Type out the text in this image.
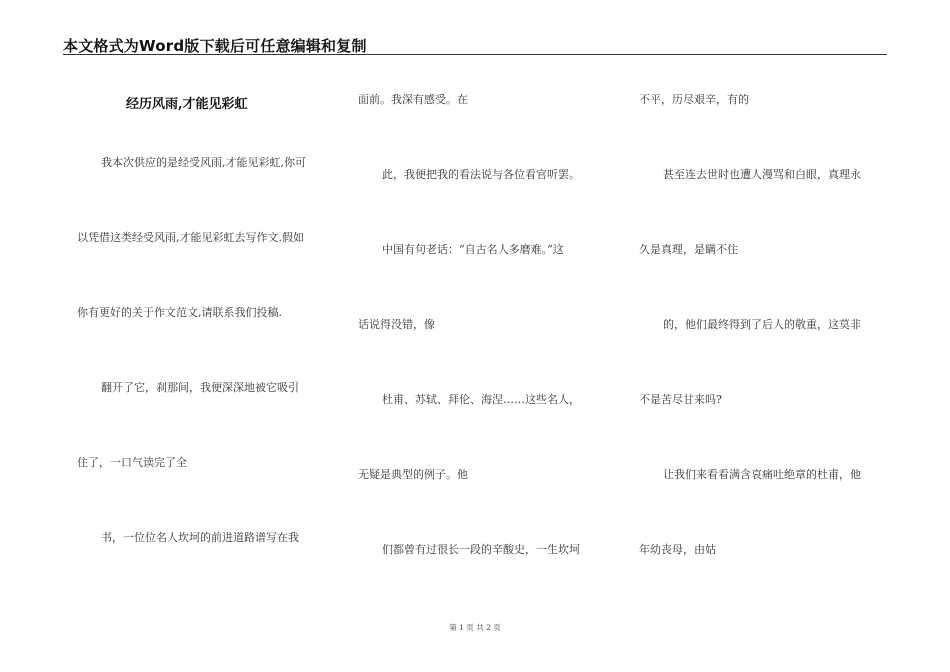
本文格式为Word版下载后可任意编辑和复制
经历风雨,才能见彩虹
我本次供应的是经受风雨,才能见彩虹,你可
以凭借这类经受风雨,才能见彩虹去写作文.假如
你有更好的关于作文范文,请联系我们投稿.
翻开了它，刹那间，我便深深地被它吸引
住了，一口气读完了全
书，一位位名人坎坷的前进道路谱写在我
面前。我深有感受。在
此，我便把我的看法说与各位看官听罢。
中国有句老话：“自古名人多磨难。”这
话说得没错，像
杜甫、苏轼、拜伦、海涅……这些名人，
无疑是典型的例子。他
们都曾有过很长一段的辛酸史，一生坎坷
不平，历尽艰辛，有的
甚至连去世时也遭人漫骂和白眼，真理永
久是真理，是瞒不住
的，他们最终得到了后人的敬重，这莫非
不是苦尽甘来吗?
让我们来看看满含哀痛吐绝章的杜甫，他
年幼丧母，由姑
第 1 页 共 2 页
